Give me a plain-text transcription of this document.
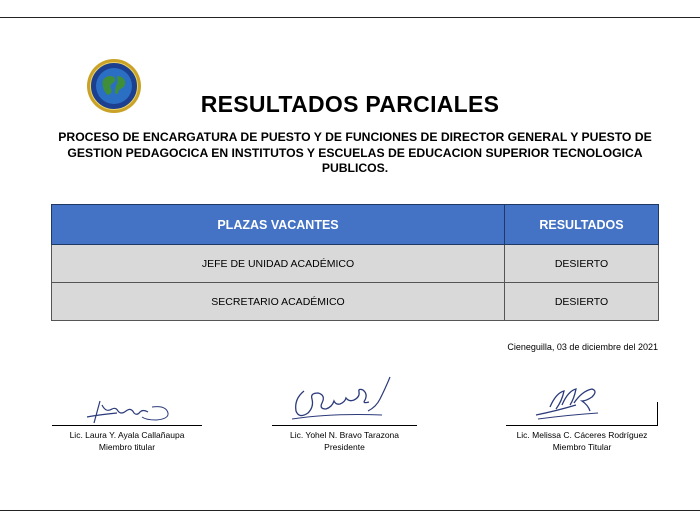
RESULTADOS PARCIALES
PROCESO DE ENCARGATURA DE PUESTO Y DE FUNCIONES DE DIRECTOR GENERAL Y PUESTO DE GESTION PEDAGOCICA EN INSTITUTOS Y ESCUELAS DE EDUCACION SUPERIOR TECNOLOGICA PUBLICOS.
PLAZAS VACANTES	RESULTADOS
JEFE DE UNIDAD ACADÉMICO	DESIERTO
SECRETARIO ACADÉMICO	DESIERTO
Cieneguilla, 03 de diciembre del 2021
Lic. Laura Y. Ayala Callañaupa
Miembro titular
Lic. Yohel N. Bravo Tarazona
Presidente
Lic. Melissa C. Cáceres Rodríguez
Miembro Titular
